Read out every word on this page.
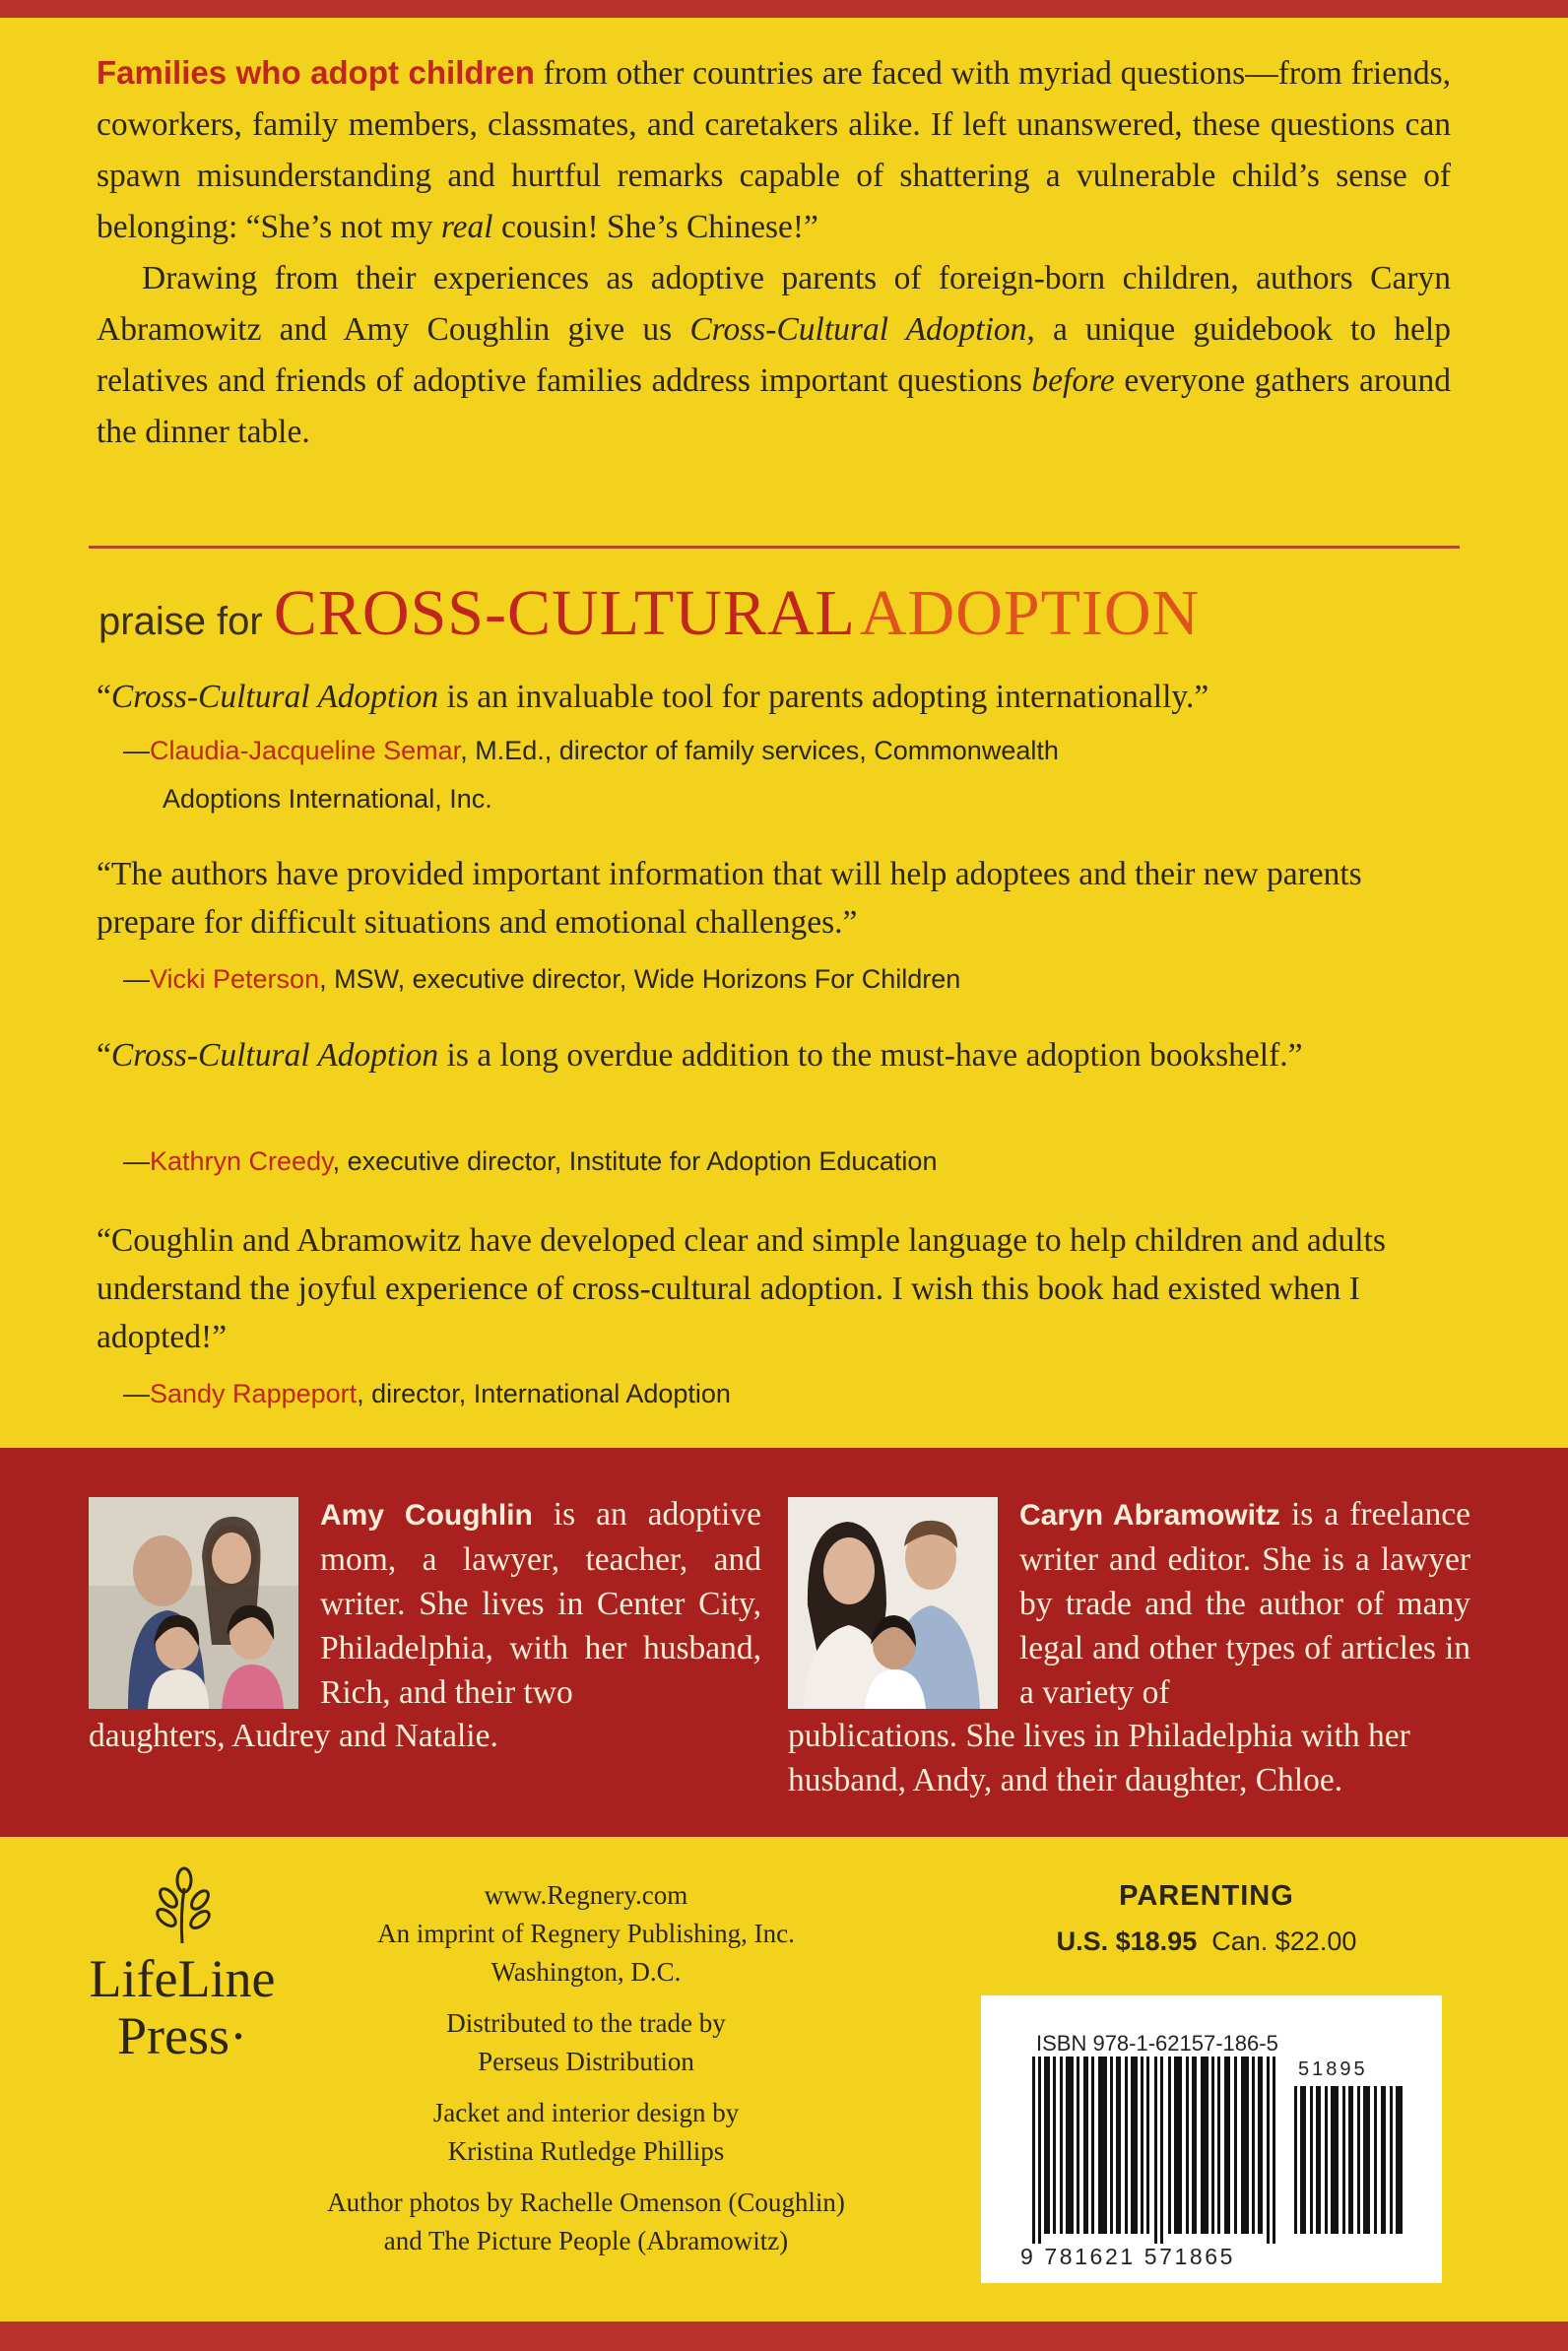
Families who adopt children from other countries are faced with myriad questions—from friends, coworkers, family members, classmates, and caretakers alike. If left unanswered, these questions can spawn misunderstanding and hurtful remarks capable of shattering a vulnerable child’s sense of belonging: “She’s not my real cousin! She’s Chinese!”

Drawing from their experiences as adoptive parents of foreign-born children, authors Caryn Abramowitz and Amy Coughlin give us Cross-Cultural Adoption, a unique guidebook to help relatives and friends of adoptive families address important questions before everyone gathers around the dinner table.

praise for CROSS-CULTURAL ADOPTION
“Cross-Cultural Adoption is an invaluable tool for parents adopting internationally.”
—Claudia-Jacqueline Semar, M.Ed., director of family services, Commonwealth
Adoptions International, Inc.
“The authors have provided important information that will help adoptees and their new parents prepare for difficult situations and emotional challenges.”
—Vicki Peterson, MSW, executive director, Wide Horizons For Children
“Cross-Cultural Adoption is a long overdue addition to the must-have adoption bookshelf.”
—Kathryn Creedy, executive director, Institute for Adoption Education
“Coughlin and Abramowitz have developed clear and simple language to help children and adults understand the joyful experience of cross-cultural adoption. I wish this book had existed when I adopted!”
—Sandy Rappeport, director, International Adoption
Amy Coughlin is an adoptive mom, a lawyer, teacher, and writer. She lives in Center City, Philadelphia, with her husband, Rich, and their two
daughters, Audrey and Natalie.
Caryn Abramowitz is a freelance writer and editor. She is a lawyer by trade and the author of many legal and other types of articles in a variety of
publications. She lives in Philadelphia with her
husband, Andy, and their daughter, Chloe.
LifeLine
Press·
www.Regnery.com
An imprint of Regnery Publishing, Inc.
Washington, D.C.
Distributed to the trade by
Perseus Distribution
Jacket and interior design by
Kristina Rutledge Phillips
Author photos by Rachelle Omenson (Coughlin)
and The Picture People (Abramowitz)
PARENTING
U.S. $18.95 Can. $22.00
ISBN 978-1-62157-186-5
51895
9 781621 571865
